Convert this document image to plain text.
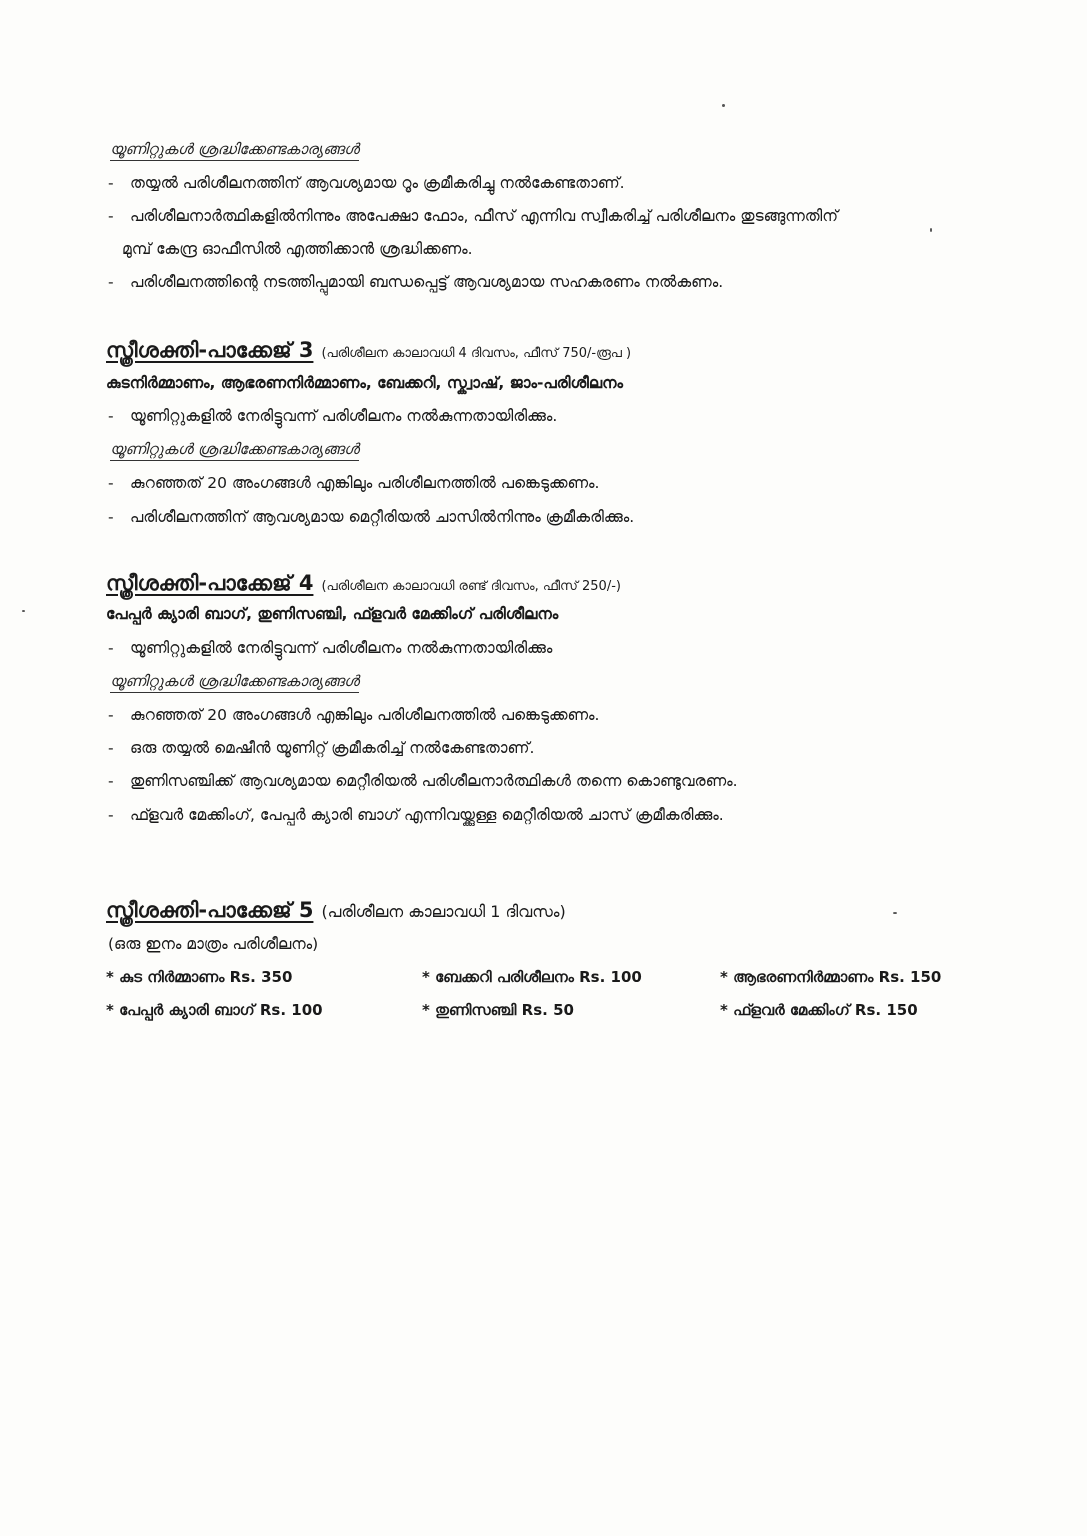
യൂണിറ്റുകൾ ശ്രദ്ധിക്കേണ്ടകാര്യങ്ങൾ
- തയ്യൽ പരിശീലനത്തിന് ആവശ്യമായ റൂം ക്രമീകരിച്ചു നൽകേണ്ടതാണ്.
- പരിശീലനാർത്ഥികളിൽനിന്നും അപേക്ഷാ ഫോം, ഫീസ് എന്നിവ സ്വീകരിച്ച് പരിശീലനം തുടങ്ങുന്നതിന്
മുമ്പ് കേന്ദ്ര ഓഫീസിൽ എത്തിക്കാൻ ശ്രദ്ധിക്കണം.
- പരിശീലനത്തിന്റെ നടത്തിപ്പുമായി ബന്ധപ്പെട്ട് ആവശ്യമായ സഹകരണം നൽകണം.
സ്ത്രീശക്തി-പാക്കേജ് 3 (പരിശീലന കാലാവധി 4 ദിവസം, ഫീസ് 750/-രൂപ )
കുടനിർമ്മാണം, ആഭരണനിർമ്മാണം, ബേക്കറി, സ്ക്വാഷ്, ജാം-പരിശീലനം
- യൂണിറ്റുകളിൽ നേരിട്ടുവന്ന് പരിശീലനം നൽകുന്നതായിരിക്കും.
യൂണിറ്റുകൾ ശ്രദ്ധിക്കേണ്ടകാര്യങ്ങൾ
- കുറഞ്ഞത് 20 അംഗങ്ങൾ എങ്കിലും പരിശീലനത്തിൽ പങ്കെടുക്കണം.
- പരിശീലനത്തിന് ആവശ്യമായ മെറ്റീരിയൽ ചാസിൽനിന്നും ക്രമീകരിക്കും.
സ്ത്രീശക്തി-പാക്കേജ് 4 (പരിശീലന കാലാവധി രണ്ട് ദിവസം, ഫീസ് 250/-)
പേപ്പർ ക്യാരി ബാഗ്, തുണിസഞ്ചി, ഫ്ളവർ മേക്കിംഗ് പരിശീലനം
- യൂണിറ്റുകളിൽ നേരിട്ടുവന്ന് പരിശീലനം നൽകുന്നതായിരിക്കും
യൂണിറ്റുകൾ ശ്രദ്ധിക്കേണ്ടകാര്യങ്ങൾ
- കുറഞ്ഞത് 20 അംഗങ്ങൾ എങ്കിലും പരിശീലനത്തിൽ പങ്കെടുക്കണം.
- ഒരു തയ്യൽ മെഷീൻ യൂണിറ്റ് ക്രമീകരിച്ച് നൽകേണ്ടതാണ്.
- തുണിസഞ്ചിക്ക് ആവശ്യമായ മെറ്റീരിയൽ പരിശീലനാർത്ഥികൾ തന്നെ കൊണ്ടുവരണം.
- ഫ്ളവർ മേക്കിംഗ്, പേപ്പർ ക്യാരി ബാഗ് എന്നിവയ്ക്കുള്ള മെറ്റീരിയൽ ചാസ് ക്രമീകരിക്കും.
സ്ത്രീശക്തി-പാക്കേജ് 5 (പരിശീലന കാലാവധി 1 ദിവസം)
(ഒരു ഇനം മാത്രം പരിശീലനം)
* കുട നിർമ്മാണം Rs. 350	* ബേക്കറി പരിശീലനം Rs. 100	* ആഭരണനിർമ്മാണം Rs. 150
* പേപ്പർ ക്യാരി ബാഗ് Rs. 100	* തുണിസഞ്ചി Rs. 50	* ഫ്ളവർ മേക്കിംഗ് Rs. 150
